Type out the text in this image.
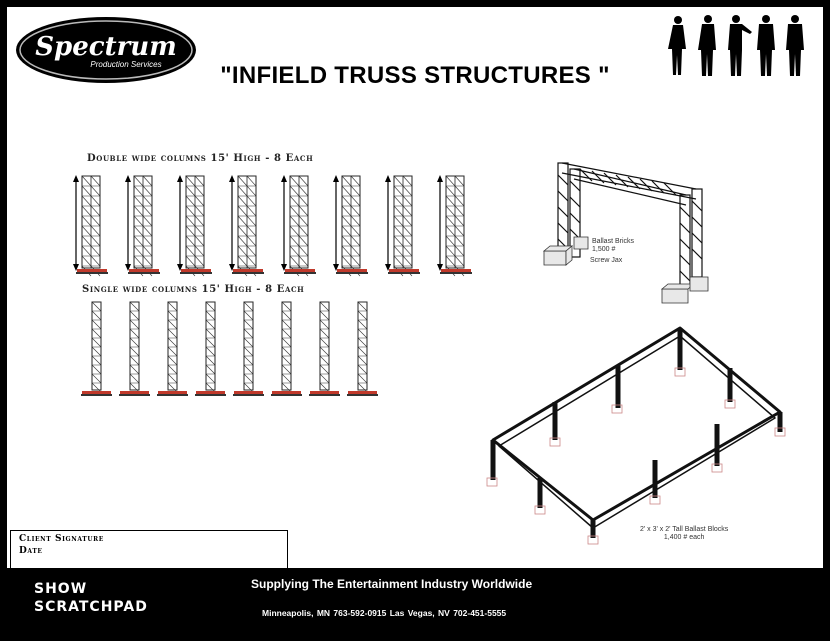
Spectrum
Production Services	"INFIELD TRUSS STRUCTURES "
Double wide columns 15' High - 8 Each
Single wide columns 15' High - 8 Each
Ballast Bricks
1,500 #
Screw Jax
2' x 3' x 2' Tall Ballast Blocks
1,400 # each
Client Signature
Date
SHOW
SCRATCHPAD
Supplying The Entertainment Industry Worldwide
Minneapolis, MN 763-592-0915 Las Vegas, NV 702-451-5555
